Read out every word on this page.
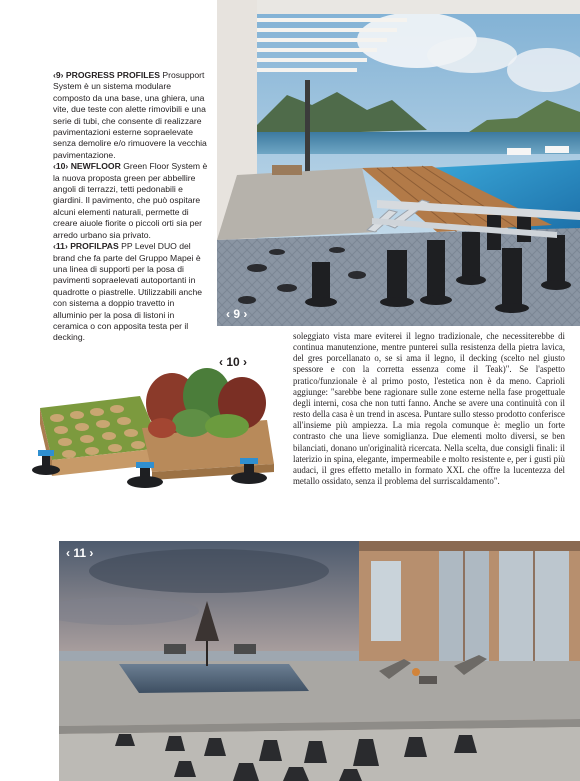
‹9› PROGRESS PROFILES Prosupport System è un sistema modulare composto da una base, una ghiera, una vite, due teste con alette rimovibili e una serie di tubi, che consente di realizzare pavimentazioni esterne sopraelevate senza demolire e/o rimuovere la vecchia pavimentazione.

‹10› NEWFLOOR Green Floor System è la nuova proposta green per abbellire angoli di terrazzi, tetti pedonabili e giardini. Il pavimento, che può ospitare alcuni elementi naturali, permette di creare aiuole fiorite o piccoli orti sia per arredo urbano sia privato.

‹11› PROFILPAS PP Level DUO del brand che fa parte del Gruppo Mapei è una linea di supporti per la posa di pavimenti sopraelevati autoportanti in quadrotte o piastrelle. Utilizzabili anche con sistema a doppio travetto in alluminio per la posa di listoni in ceramica o con apposita testa per il decking.

‹ 9 ›
‹ 10 ›

soleggiato vista mare eviterei il legno tradizionale, che necessiterebbe di continua manutenzione, mentre punterei sulla resistenza della pietra lavica, del gres porcellanato o, se si ama il legno, il decking (scelto nel giusto spessore e con la corretta essenza come il Teak)". Se l'aspetto pratico/funzionale è al primo posto, l'estetica non è da meno. Caprioli aggiunge: "sarebbe bene ragionare sulle zone esterne nella fase progettuale degli interni, cosa che non tutti fanno. Anche se avere una continuità con il resto della casa è un trend in ascesa. Puntare sullo stesso prodotto conferisce all'insieme più ampiezza. La mia regola comunque è: meglio un forte contrasto che una lieve somiglianza. Due elementi molto diversi, se ben bilanciati, donano un'originalità ricercata. Nella scelta, due consigli finali: il laterizio in spina, elegante, impermeabile e molto resistente e, per i gusti più audaci, il gres effetto metallo in formato XXL che offre la lucentezza del metallo ossidato, senza il problema del surriscaldamento".

‹ 11 ›
